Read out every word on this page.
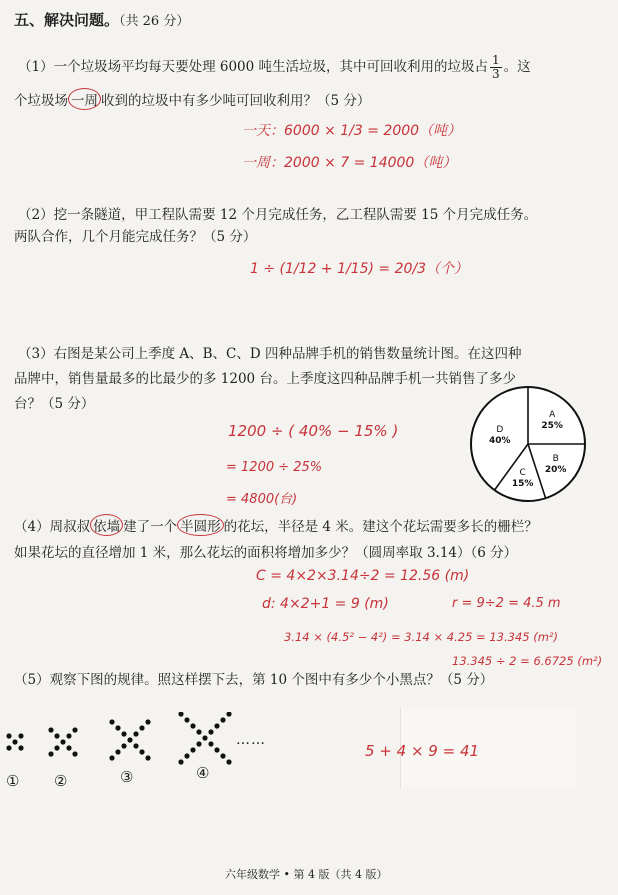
五、解决问题。（共 26 分）
（1）一个垃圾场平均每天要处理 6000 吨生活垃圾，其中可回收利用的垃圾占 $\frac{1}{3}$ 。这
个垃圾场 一周 收到的垃圾中有多少吨可回收利用？（5 分）
一天：6000 × 1/3 = 2000（吨）
一周：2000 × 7 = 14000（吨）
（2）挖一条隧道，甲工程队需要 12 个月完成任务，乙工程队需要 15 个月完成任务。
两队合作，几个月能完成任务？（5 分）
1 ÷ (1/12 + 1/15) = 20/3（个）
（3）右图是某公司上季度 A、B、C、D 四种品牌手机的销售数量统计图。在这四种
品牌中，销售量最多的比最少的多 1200 台。上季度这四种品牌手机一共销售了多少
台？（5 分）
1200 ÷ ( 40% − 15% )
= 1200 ÷ 25%
= 4800(台)
A
25%
B
20%
C
15%
D
40%
（4）周叔叔 依墙 建了一个 半圆形 的花坛，半径是 4 米。建这个花坛需要多长的栅栏？
如果花坛的直径增加 1 米，那么花坛的面积将增加多少？（圆周率取 3.14）（6 分）
C = 4×2×3.14÷2 = 12.56 (m)
d: 4×2+1 = 9 (m)	r = 9÷2 = 4.5 m
3.14 × (4.5² − 4²) = 3.14 × 4.25 = 13.345 (m²)
13.345 ÷ 2 = 6.6725 (m²)
（5）观察下图的规律。照这样摆下去，第 10 个图中有多少个小黑点？（5 分）
……
① ②	③	④
5 + 4 × 9 = 41
六年级数学 • 第 4 版（共 4 版）
